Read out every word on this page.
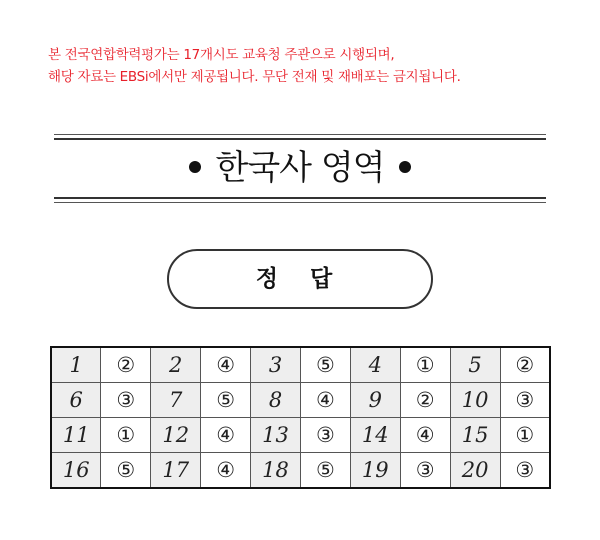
본 전국연합학력평가는 17개시도 교육청 주관으로 시행되며,
해당 자료는 EBSi에서만 제공됩니다. 무단 전재 및 재배포는 금지됩니다.
한국사 영역
정 답
1	②	2	④	3	⑤	4	①	5	②
6	③	7	⑤	8	④	9	②	10	③
11	①	12	④	13	③	14	④	15	①
16	⑤	17	④	18	⑤	19	③	20	③
